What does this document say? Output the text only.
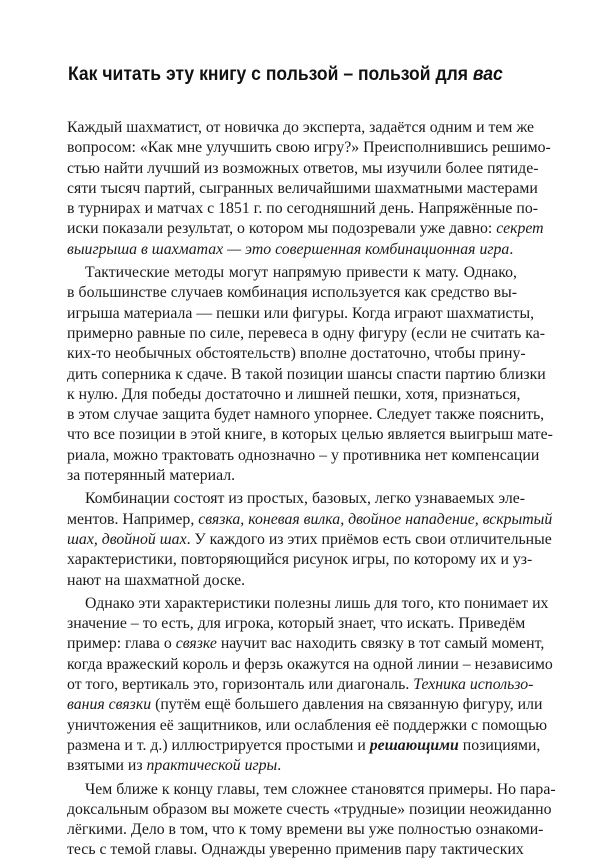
Как читать эту книгу с пользой – пользой для вас
Каждый шахматист, от новичка до эксперта, задаётся одним и тем же
вопросом: «Как мне улучшить свою игру?» Преисполнившись решимо-
стью найти лучший из возможных ответов, мы изучили более пятиде-
сяти тысяч партий, сыгранных величайшими шахматными мастерами
в турнирах и матчах с 1851 г. по сегодняшний день. Напряжённые по-
иски показали результат, о котором мы подозревали уже давно: секрет
выигрыша в шахматах — это совершенная комбинационная игра.
Тактические методы могут напрямую привести к мату. Однако,
в большинстве случаев комбинация используется как средство вы-
игрыша материала — пешки или фигуры. Когда играют шахматисты,
примерно равные по силе, перевеса в одну фигуру (если не считать ка-
ких-то необычных обстоятельств) вполне достаточно, чтобы прину-
дить соперника к сдаче. В такой позиции шансы спасти партию близки
к нулю. Для победы достаточно и лишней пешки, хотя, признаться,
в этом случае защита будет намного упорнее. Следует также пояснить,
что все позиции в этой книге, в которых целью является выигрыш мате-
риала, можно трактовать однозначно – у противника нет компенсации
за потерянный материал.
Комбинации состоят из простых, базовых, легко узнаваемых эле-
ментов. Например, связка, коневая вилка, двойное нападение, вскрытый
шах, двойной шах. У каждого из этих приёмов есть свои отличительные
характеристики, повторяющийся рисунок игры, по которому их и уз-
нают на шахматной доске.
Однако эти характеристики полезны лишь для того, кто понимает их
значение – то есть, для игрока, который знает, что искать. Приведём
пример: глава о связке научит вас находить связку в тот самый момент,
когда вражеский король и ферзь окажутся на одной линии – независимо
от того, вертикаль это, горизонталь или диагональ. Техника использо-
вания связки (путём ещё большего давления на связанную фигуру, или
уничтожения её защитников, или ослабления её поддержки с помощью
размена и т. д.) иллюстрируется простыми и решающими позициями,
взятыми из практической игры.
Чем ближе к концу главы, тем сложнее становятся примеры. Но пара-
доксальным образом вы можете счесть «трудные» позиции неожиданно
лёгкими. Дело в том, что к тому времени вы уже полностью ознакоми-
тесь с темой главы. Однажды уверенно применив пару тактических
